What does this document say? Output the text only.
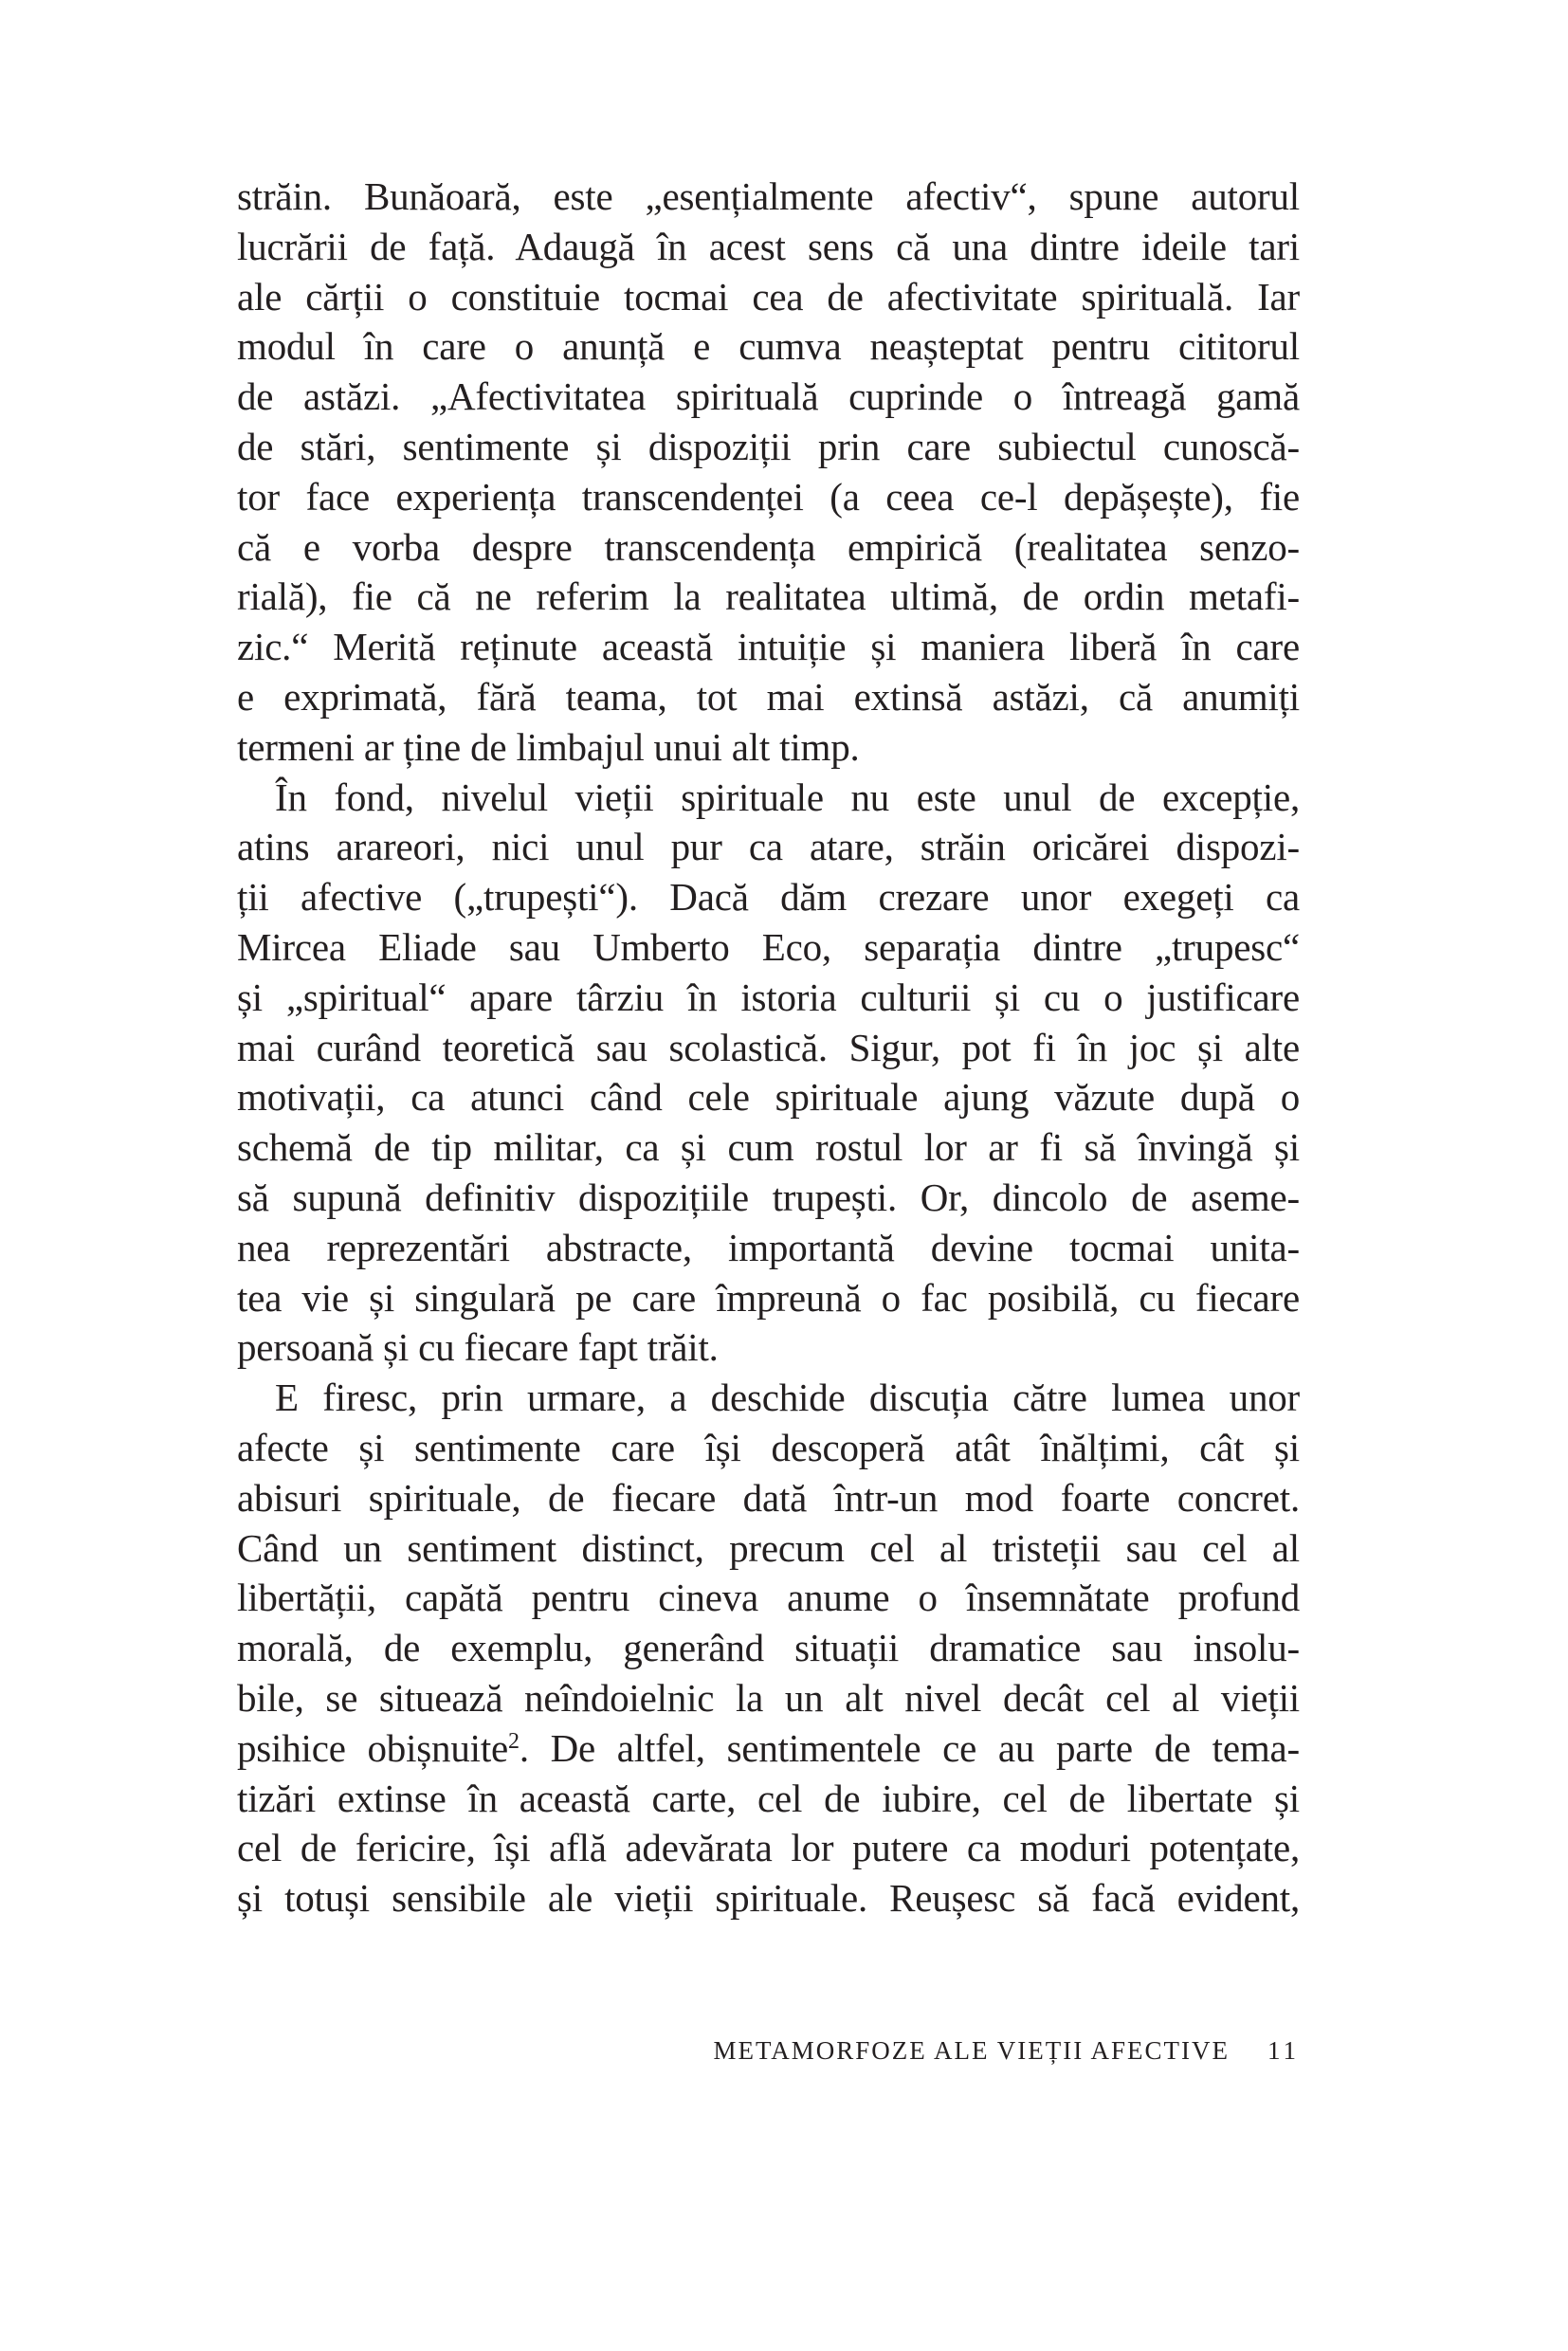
străin. Bunăoară, este „esențialmente afectiv“, spune autorul
lucrării de față. Adaugă în acest sens că una dintre ideile tari
ale cărții o constituie tocmai cea de afectivitate spirituală. Iar
modul în care o anunță e cumva neașteptat pentru cititorul
de astăzi. „Afectivitatea spirituală cuprinde o întreagă gamă
de stări, sentimente și dispoziții prin care subiectul cunoscă-
tor face experiența transcendenței (a ceea ce-l depășește), fie
că e vorba despre transcendența empirică (realitatea senzo-
rială), fie că ne referim la realitatea ultimă, de ordin metafi-
zic.“ Merită reținute această intuiție și maniera liberă în care
e exprimată, fără teama, tot mai extinsă astăzi, că anumiți
termeni ar ține de limbajul unui alt timp.
În fond, nivelul vieții spirituale nu este unul de excepție,
atins arareori, nici unul pur ca atare, străin oricărei dispozi-
ții afective („trupești“). Dacă dăm crezare unor exegeți ca
Mircea Eliade sau Umberto Eco, separația dintre „trupesc“
și „spiritual“ apare târziu în istoria culturii și cu o justificare
mai curând teoretică sau scolastică. Sigur, pot fi în joc și alte
motivații, ca atunci când cele spirituale ajung văzute după o
schemă de tip militar, ca și cum rostul lor ar fi să învingă și
să supună definitiv dispozițiile trupești. Or, dincolo de aseme-
nea reprezentări abstracte, importantă devine tocmai unita-
tea vie și singulară pe care împreună o fac posibilă, cu fiecare
persoană și cu fiecare fapt trăit.
E firesc, prin urmare, a deschide discuția către lumea unor
afecte și sentimente care își descoperă atât înălțimi, cât și
abisuri spirituale, de fiecare dată într-un mod foarte concret.
Când un sentiment distinct, precum cel al tristeții sau cel al
libertății, capătă pentru cineva anume o însemnătate profund
morală, de exemplu, generând situații dramatice sau insolu-
bile, se situează neîndoielnic la un alt nivel decât cel al vieții
psihice obișnuite$^2$. De altfel, sentimentele ce au parte de tema-
tizări extinse în această carte, cel de iubire, cel de libertate și
cel de fericire, își află adevărata lor putere ca moduri potențate,
și totuși sensibile ale vieții spirituale. Reușesc să facă evident,
METAMORFOZE ALE VIEȚII AFECTIVE 11
